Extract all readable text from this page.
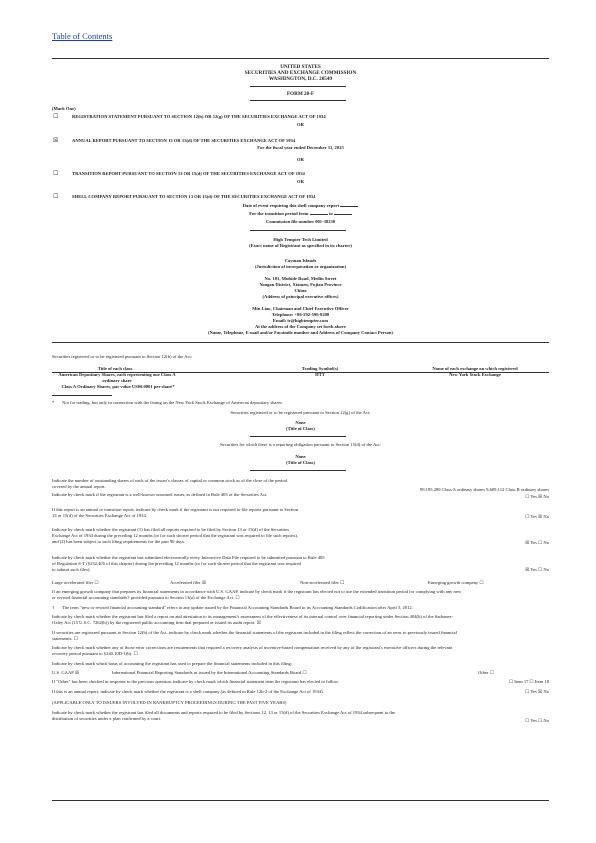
Table of Contents
UNITED STATES
SECURITIES AND EXCHANGE COMMISSION
WASHINGTON, D.C. 20549
FORM 20-F
(Mark One)
☐	REGISTRATION STATEMENT PURSUANT TO SECTION 12(b) OR 12(g) OF THE SECURITIES EXCHANGE ACT OF 1934
OR
☒	ANNUAL REPORT PURSUANT TO SECTION 13 OR 15(d) OF THE SECURITIES EXCHANGE ACT OF 1934
For the fiscal year ended December 31, 2025
OR
☐	TRANSITION REPORT PURSUANT TO SECTION 13 OR 15(d) OF THE SECURITIES EXCHANGE ACT OF 1934
OR
☐	SHELL COMPANY REPORT PURSUANT TO SECTION 13 OR 15(d) OF THE SECURITIES EXCHANGE ACT OF 1934
Date of event requiring this shell company report
For the transition period from	to
Commission file number 001-38230
High Tempter Tech Limited
(Exact name of Registrant as specified in its charter)
Cayman Islands
(Jurisdiction of incorporation or organization)
No. 101, Mubide Road, Meilin Street
Yongan District, Xiamen, Fujian Province
China
(Address of principal executive offices)
Min Liao, Chairman and Chief Executive Officer
Telephone: +86-592-596-8208
Email: ir@hightempter.com
At the address of the Company set forth above
(Name, Telephone, E-mail and/or Facsimile number and Address of Company Contact Person)
Securities registered or to be registered pursuant to Section 12(b) of the Act:
Title of each class	Trading Symbol(s)	Name of each exchange on which registered
American Depositary Shares, each representing one Class A
ordinary share
HTT	New York Stock Exchange
Class A Ordinary Shares, par value US$0.0001 per share*
* Not for trading, but only in connection with the listing on the New York Stock Exchange of American depositary shares.
Securities registered or to be registered pursuant to Section 12(g) of the Act:
None
(Title of Class)
Securities for which there is a reporting obligation pursuant to Section 15(d) of the Act:
None
(Title of Class)
Indicate the number of outstanding shares of each of the issuer's classes of capital or common stock as of the close of the period
covered by the annual report.
99,185,289 Class A ordinary shares 9,609,112 Class B ordinary shares
Indicate by check mark if the registrant is a well-known seasoned issuer, as defined in Rule 405 of the Securities Act.	☐ Yes ☒ No
If this report is an annual or transition report, indicate by check mark if the registrant is not required to file reports pursuant to Section
13 or 15(d) of the Securities Exchange Act of 1934.	☐ Yes ☒ No
Indicate by check mark whether the registrant (1) has filed all reports required to be filed by Section 13 or 15(d) of the Securities
Exchange Act of 1934 during the preceding 12 months (or for such shorter period that the registrant was required to file such reports),
and (2) has been subject to such filing requirements for the past 90 days.	☒ Yes ☐ No
Indicate by check mark whether the registrant has submitted electronically every Interactive Data File required to be submitted pursuant to Rule 405
of Regulation S-T (§232.405 of this chapter) during the preceding 12 months (or for such shorter period that the registrant was required
to submit such files).	☒ Yes ☐ No
Large accelerated filer ☐	Accelerated filer ☒	Non-accelerated filer ☐	Emerging growth company ☐
If an emerging growth company that prepares its financial statements in accordance with U.S. GAAP, indicate by check mark if the registrant has elected not to use the extended transition period for complying with any new
or revised financial accounting standards† provided pursuant to Section 13(a) of the Exchange Act. ☐
† The term "new or revised financial accounting standard" refers to any update issued by the Financial Accounting Standards Board to its Accounting Standards Codification after April 5, 2012.
Indicate by check mark whether the registrant has filed a report on and attestation to its management's assessment of the effectiveness of its internal control over financial reporting under Section 404(b) of the Sarbanes-
Oxley Act (15 U.S.C. 7262(b)) by the registered public accounting firm that prepared or issued its audit report. ☒
If securities are registered pursuant to Section 12(b) of the Act, indicate by check mark whether the financial statements of the registrant included in the filing reflect the correction of an error to previously issued financial
statements. ☐
Indicate by check mark whether any of those error corrections are restatements that required a recovery analysis of incentive-based compensation received by any of the registrant's executive officers during the relevant
recovery period pursuant to §240.10D-1(b). ☐
Indicate by check mark which basis of accounting the registrant has used to prepare the financial statements included in this filing:
U.S. GAAP ☒	International Financial Reporting Standards as issued by the International Accounting Standards Board ☐	Other ☐
If "Other" has been checked in response to the previous question, indicate by check mark which financial statement item the registrant has elected to follow.	☐ Item 17 ☐ Item 18
If this is an annual report, indicate by check mark whether the registrant is a shell company (as defined in Rule 12b-2 of the Exchange Act of 1934).	☐ Yes ☒ No
(APPLICABLE ONLY TO ISSUERS INVOLVED IN BANKRUPTCY PROCEEDINGS DURING THE PAST FIVE YEARS)
Indicate by check mark whether the registrant has filed all documents and reports required to be filed by Sections 12, 13 or 15(d) of the Securities Exchange Act of 1934 subsequent to the
distribution of securities under a plan confirmed by a court.	☐ Yes ☐ No
